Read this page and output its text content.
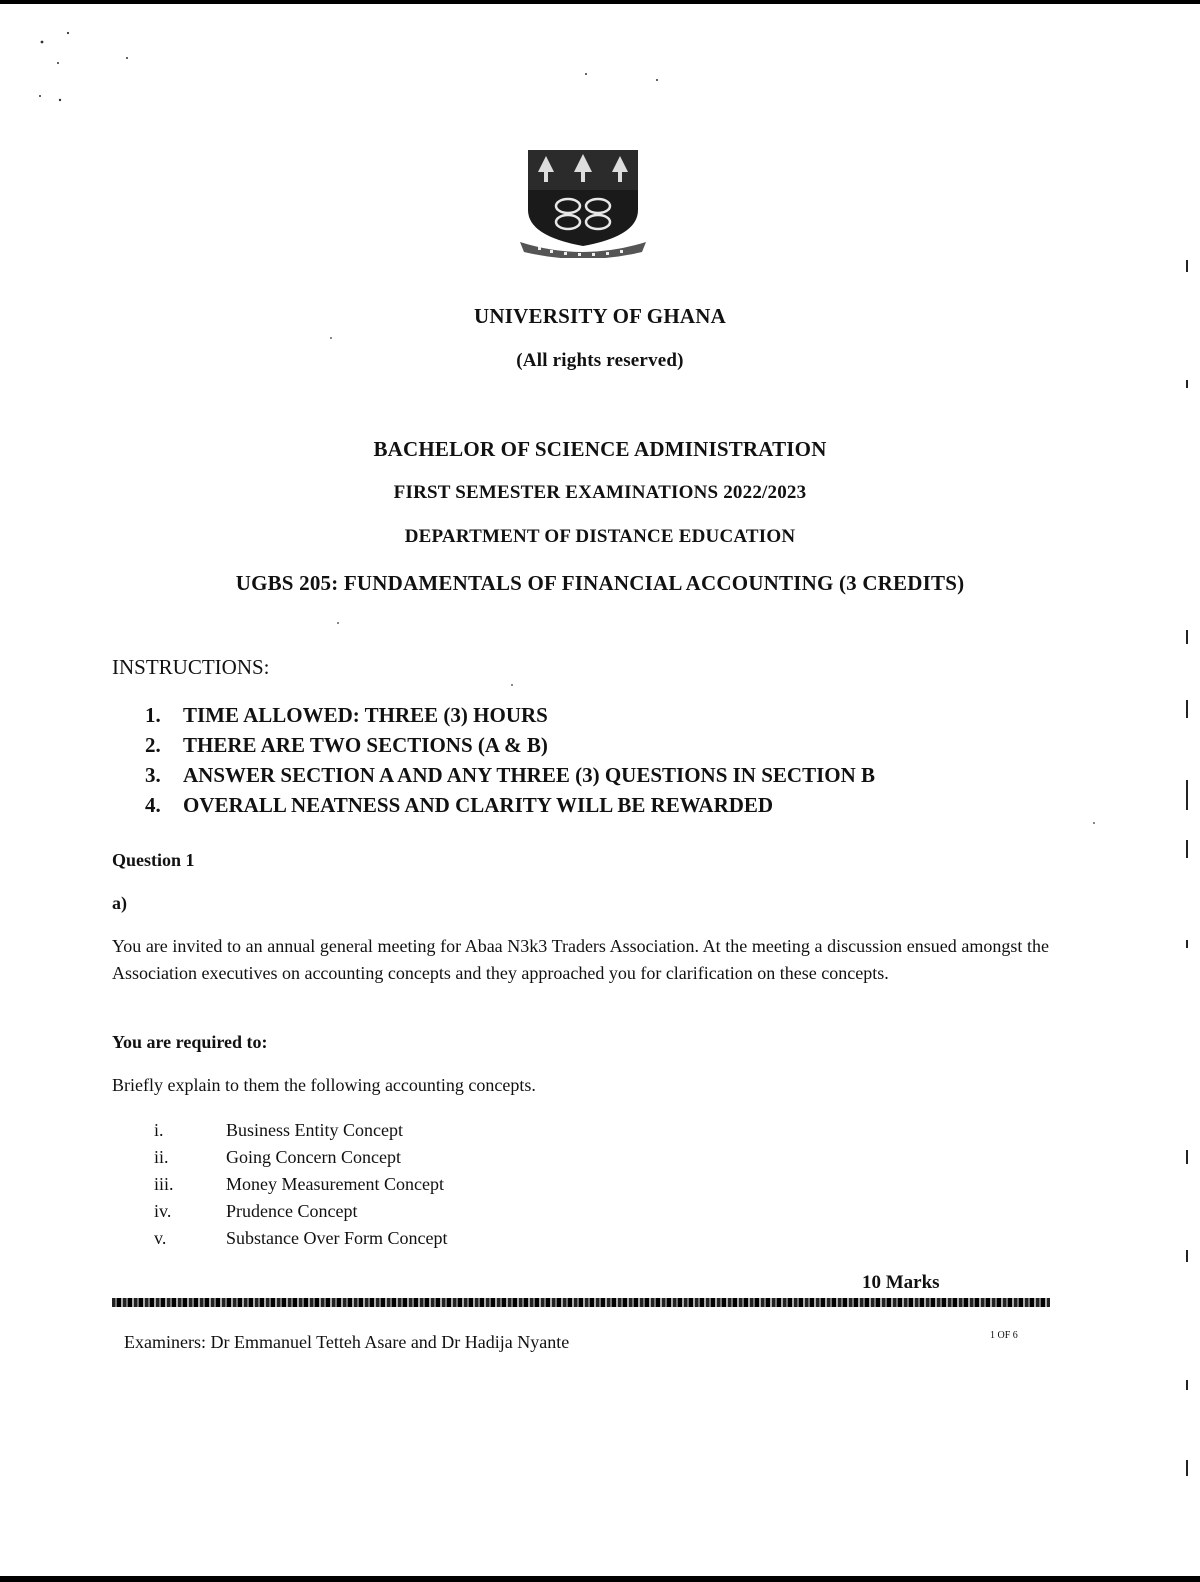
UNIVERSITY OF GHANA
(All rights reserved)
BACHELOR OF SCIENCE ADMINISTRATION
FIRST SEMESTER EXAMINATIONS 2022/2023
DEPARTMENT OF DISTANCE EDUCATION
UGBS 205: FUNDAMENTALS OF FINANCIAL ACCOUNTING (3 CREDITS)
INSTRUCTIONS:
1. TIME ALLOWED: THREE (3) HOURS
2. THERE ARE TWO SECTIONS (A & B)
3. ANSWER SECTION A AND ANY THREE (3) QUESTIONS IN SECTION B
4. OVERALL NEATNESS AND CLARITY WILL BE REWARDED
Question 1
a)
You are invited to an annual general meeting for Abaa N3k3 Traders Association. At the meeting a discussion ensued amongst the Association executives on accounting concepts and they approached you for clarification on these concepts.
You are required to:
Briefly explain to them the following accounting concepts.
i.	Business Entity Concept
ii.	Going Concern Concept
iii.	Money Measurement Concept
iv.	Prudence Concept
v.	Substance Over Form Concept
10 Marks
Examiners: Dr Emmanuel Tetteh Asare and Dr Hadija Nyante	1 OF 6
